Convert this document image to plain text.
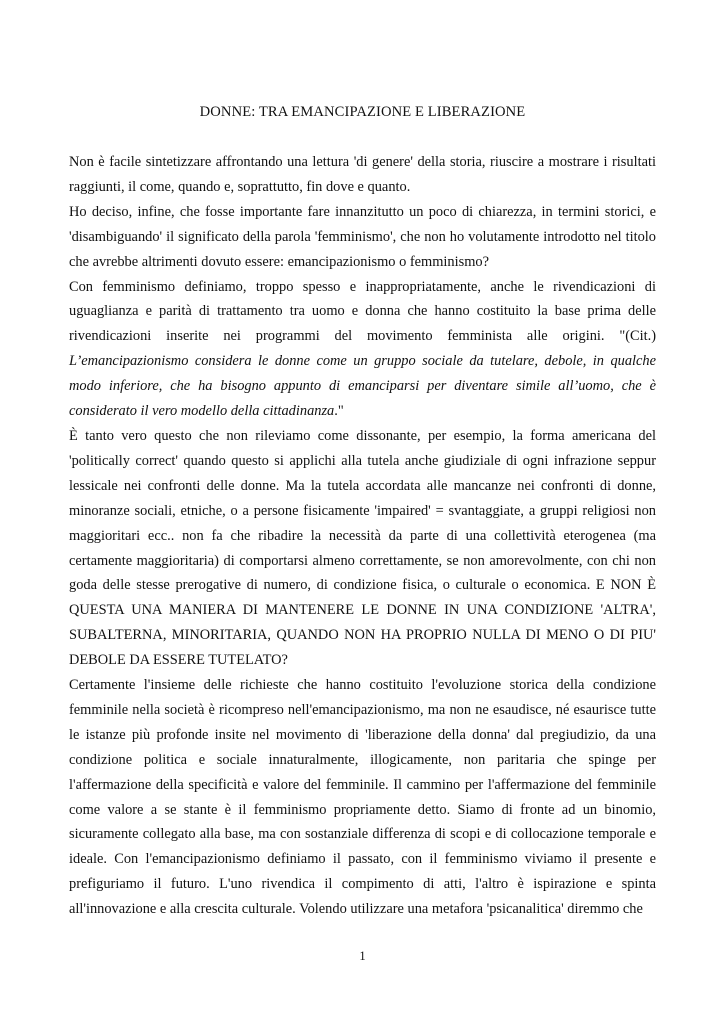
DONNE: TRA EMANCIPAZIONE E LIBERAZIONE

Non è facile sintetizzare affrontando una lettura 'di genere' della storia, riuscire a mostrare i risultati raggiunti, il come, quando e, soprattutto, fin dove e quanto.

Ho deciso, infine, che fosse importante fare innanzitutto un poco di chiarezza, in termini storici, e 'disambiguando' il significato della parola 'femminismo', che non ho volutamente introdotto nel titolo che avrebbe altrimenti dovuto essere: emancipazionismo o femminismo?

Con femminismo definiamo, troppo spesso e inappropriatamente, anche le rivendicazioni di uguaglianza e parità di trattamento tra uomo e donna che hanno costituito la base prima delle rivendicazioni inserite nei programmi del movimento femminista alle origini. "(Cit.) L’emancipazionismo considera le donne come un gruppo sociale da tutelare, debole, in qualche modo inferiore, che ha bisogno appunto di emanciparsi per diventare simile all’uomo, che è considerato il vero modello della cittadinanza."

È tanto vero questo che non rileviamo come dissonante, per esempio, la forma americana del 'politically correct' quando questo si applichi alla tutela anche giudiziale di ogni infrazione seppur lessicale nei confronti delle donne. Ma la tutela accordata alle mancanze nei confronti di donne, minoranze sociali, etniche, o a persone fisicamente 'impaired' = svantaggiate, a gruppi religiosi non maggioritari ecc.. non fa che ribadire la necessità da parte di una collettività eterogenea (ma certamente maggioritaria) di comportarsi almeno correttamente, se non amorevolmente, con chi non goda delle stesse prerogative di numero, di condizione fisica, o culturale o economica. E NON È QUESTA UNA MANIERA DI MANTENERE LE DONNE IN UNA CONDIZIONE 'ALTRA', SUBALTERNA, MINORITARIA, QUANDO NON HA PROPRIO NULLA DI MENO O DI PIU' DEBOLE DA ESSERE TUTELATO?

Certamente l'insieme delle richieste che hanno costituito l'evoluzione storica della condizione femminile nella società è ricompreso nell'emancipazionismo, ma non ne esaudisce, né esaurisce tutte le istanze più profonde insite nel movimento di 'liberazione della donna' dal pregiudizio, da una condizione politica e sociale innaturalmente, illogicamente, non paritaria che spinge per l'affermazione della specificità e valore del femminile. Il cammino per l'affermazione del femminile come valore a se stante è il femminismo propriamente detto. Siamo di fronte ad un binomio, sicuramente collegato alla base, ma con sostanziale differenza di scopi e di collocazione temporale e ideale. Con l'emancipazionismo definiamo il passato, con il femminismo viviamo il presente e prefiguriamo il futuro. L'uno rivendica il compimento di atti, l'altro è ispirazione e spinta all'innovazione e alla crescita culturale. Volendo utilizzare una metafora 'psicanalitica' diremmo che

1
